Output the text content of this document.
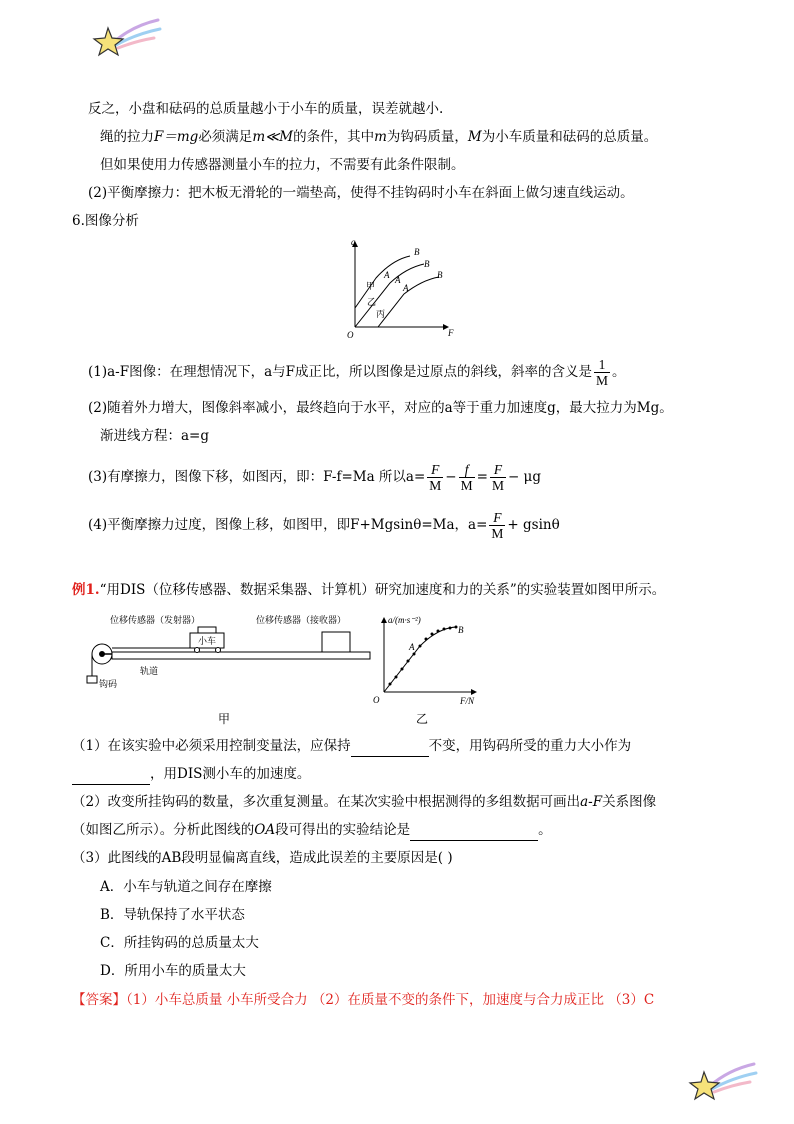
反之，小盘和砝码的总质量越小于小车的质量，误差就越小.
绳的拉力F＝mg必须满足m≪M的条件，其中m为钩码质量，M为小车质量和砝码的总质量。
但如果使用力传感器测量小车的拉力，不需要有此条件限制。
(2)平衡摩擦力：把木板无滑轮的一端垫高，使得不挂钩码时小车在斜面上做匀速直线运动。
6.图像分析
a
F
O
A
B
A
B
A
B
甲
乙
丙
(1)a-F图像：在理想情况下，a与F成正比，所以图像是过原点的斜线，斜率的含义是 $\frac{1}{M}$ 。
(2)随着外力增大，图像斜率减小，最终趋向于水平，对应的a等于重力加速度g，最大拉力为Mg。
渐进线方程：a=g
(3)有摩擦力，图像下移，如图丙，即：F-f=Ma 所以$a= \frac{F}{M} - \frac{f}{M} = \frac{F}{M} - \mu g$
(4)平衡摩擦力过度，图像上移，如图甲，即F+Mgsinθ=Ma，$a= \frac{F}{M} + gsin\theta$
例1.“用DIS（位移传感器、数据采集器、计算机）研究加速度和力的关系”的实验装置如图甲所示。
位移传感器（发射器）	位移传感器（接收器）
小车
轨道
钩码
甲
a/(m·s⁻²)
F/N
O
A
B
乙
（1）在该实验中必须采用控制变量法，应保持	不变，用钩码所受的重力大小作为
，用DIS测小车的加速度。
（2）改变所挂钩码的数量，多次重复测量。在某次实验中根据测得的多组数据可画出a-F关系图像
（如图乙所示）。分析此图线的OA段可得出的实验结论是	。
（3）此图线的AB段明显偏离直线，造成此误差的主要原因是( )
A．小车与轨道之间存在摩擦
B．导轨保持了水平状态
C．所挂钩码的总质量太大
D．所用小车的质量太大
【答案】（1）小车总质量 小车所受合力 （2）在质量不变的条件下，加速度与合力成正比 （3）C
